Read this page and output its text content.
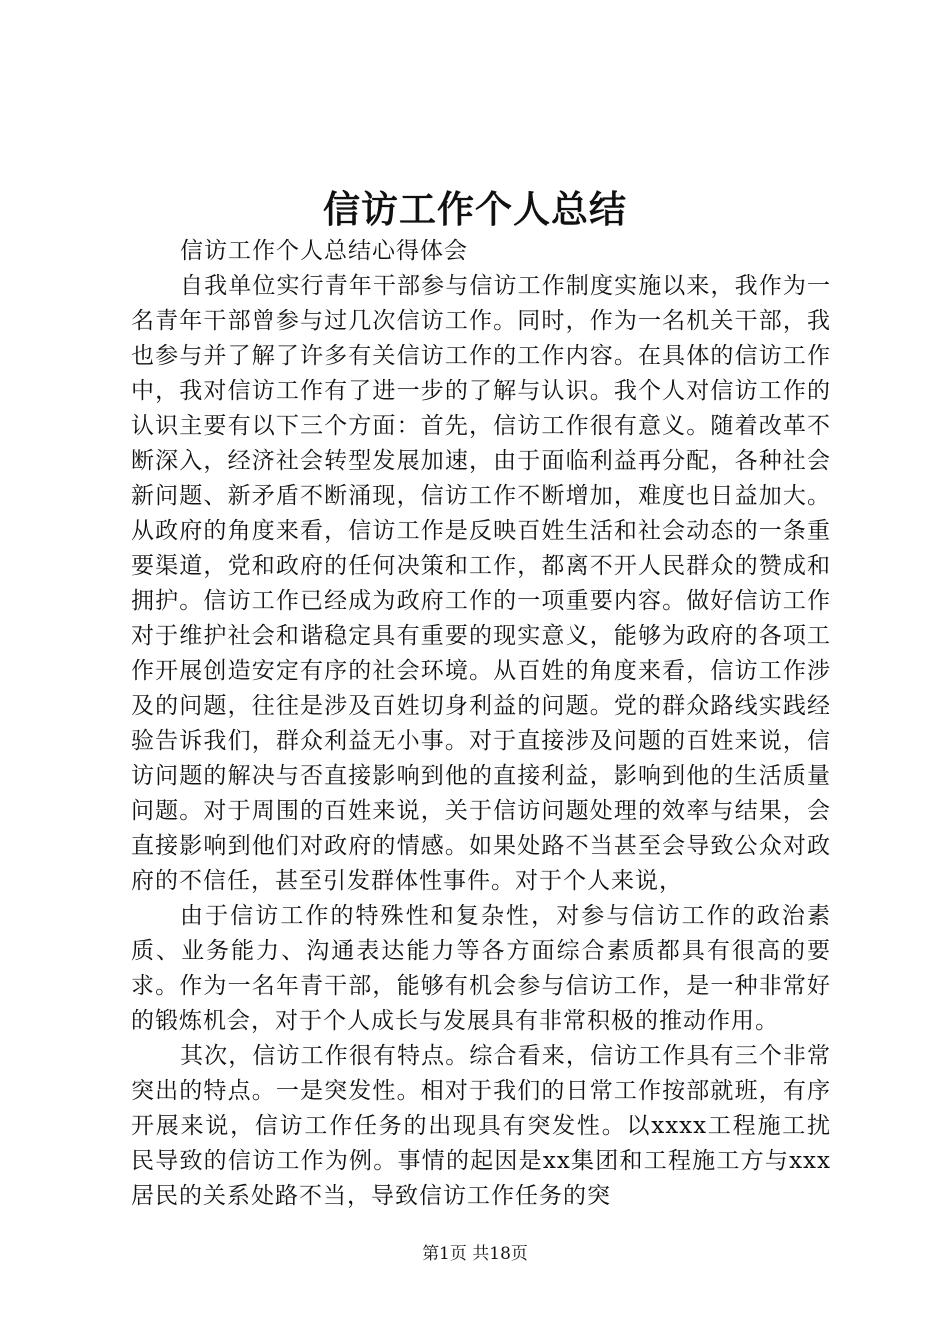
信访工作个人总结
信访工作个人总结心得体会

自我单位实行青年干部参与信访工作制度实施以来，我作为一名青年干部曾参与过几次信访工作。同时，作为一名机关干部，我也参与并了解了许多有关信访工作的工作内容。在具体的信访工作中，我对信访工作有了进一步的了解与认识。我个人对信访工作的认识主要有以下三个方面：首先，信访工作很有意义。随着改革不断深入，经济社会转型发展加速，由于面临利益再分配，各种社会新问题、新矛盾不断涌现，信访工作不断增加，难度也日益加大。从政府的角度来看，信访工作是反映百姓生活和社会动态的一条重要渠道，党和政府的任何决策和工作，都离不开人民群众的赞成和拥护。信访工作已经成为政府工作的一项重要内容。做好信访工作对于维护社会和谐稳定具有重要的现实意义，能够为政府的各项工作开展创造安定有序的社会环境。从百姓的角度来看，信访工作涉及的问题，往往是涉及百姓切身利益的问题。党的群众路线实践经验告诉我们，群众利益无小事。对于直接涉及问题的百姓来说，信访问题的解决与否直接影响到他的直接利益，影响到他的生活质量问题。对于周围的百姓来说，关于信访问题处理的效率与结果，会直接影响到他们对政府的情感。如果处路不当甚至会导致公众对政府的不信任，甚至引发群体性事件。对于个人来说，

由于信访工作的特殊性和复杂性，对参与信访工作的政治素质、业务能力、沟通表达能力等各方面综合素质都具有很高的要求。作为一名年青干部，能够有机会参与信访工作，是一种非常好的锻炼机会，对于个人成长与发展具有非常积极的推动作用。

其次，信访工作很有特点。综合看来，信访工作具有三个非常突出的特点。一是突发性。相对于我们的日常工作按部就班，有序开展来说，信访工作任务的出现具有突发性。以xxxx工程施工扰民导致的信访工作为例。事情的起因是xx集团和工程施工方与xxx居民的关系处路不当，导致信访工作任务的突

第1页 共18页
